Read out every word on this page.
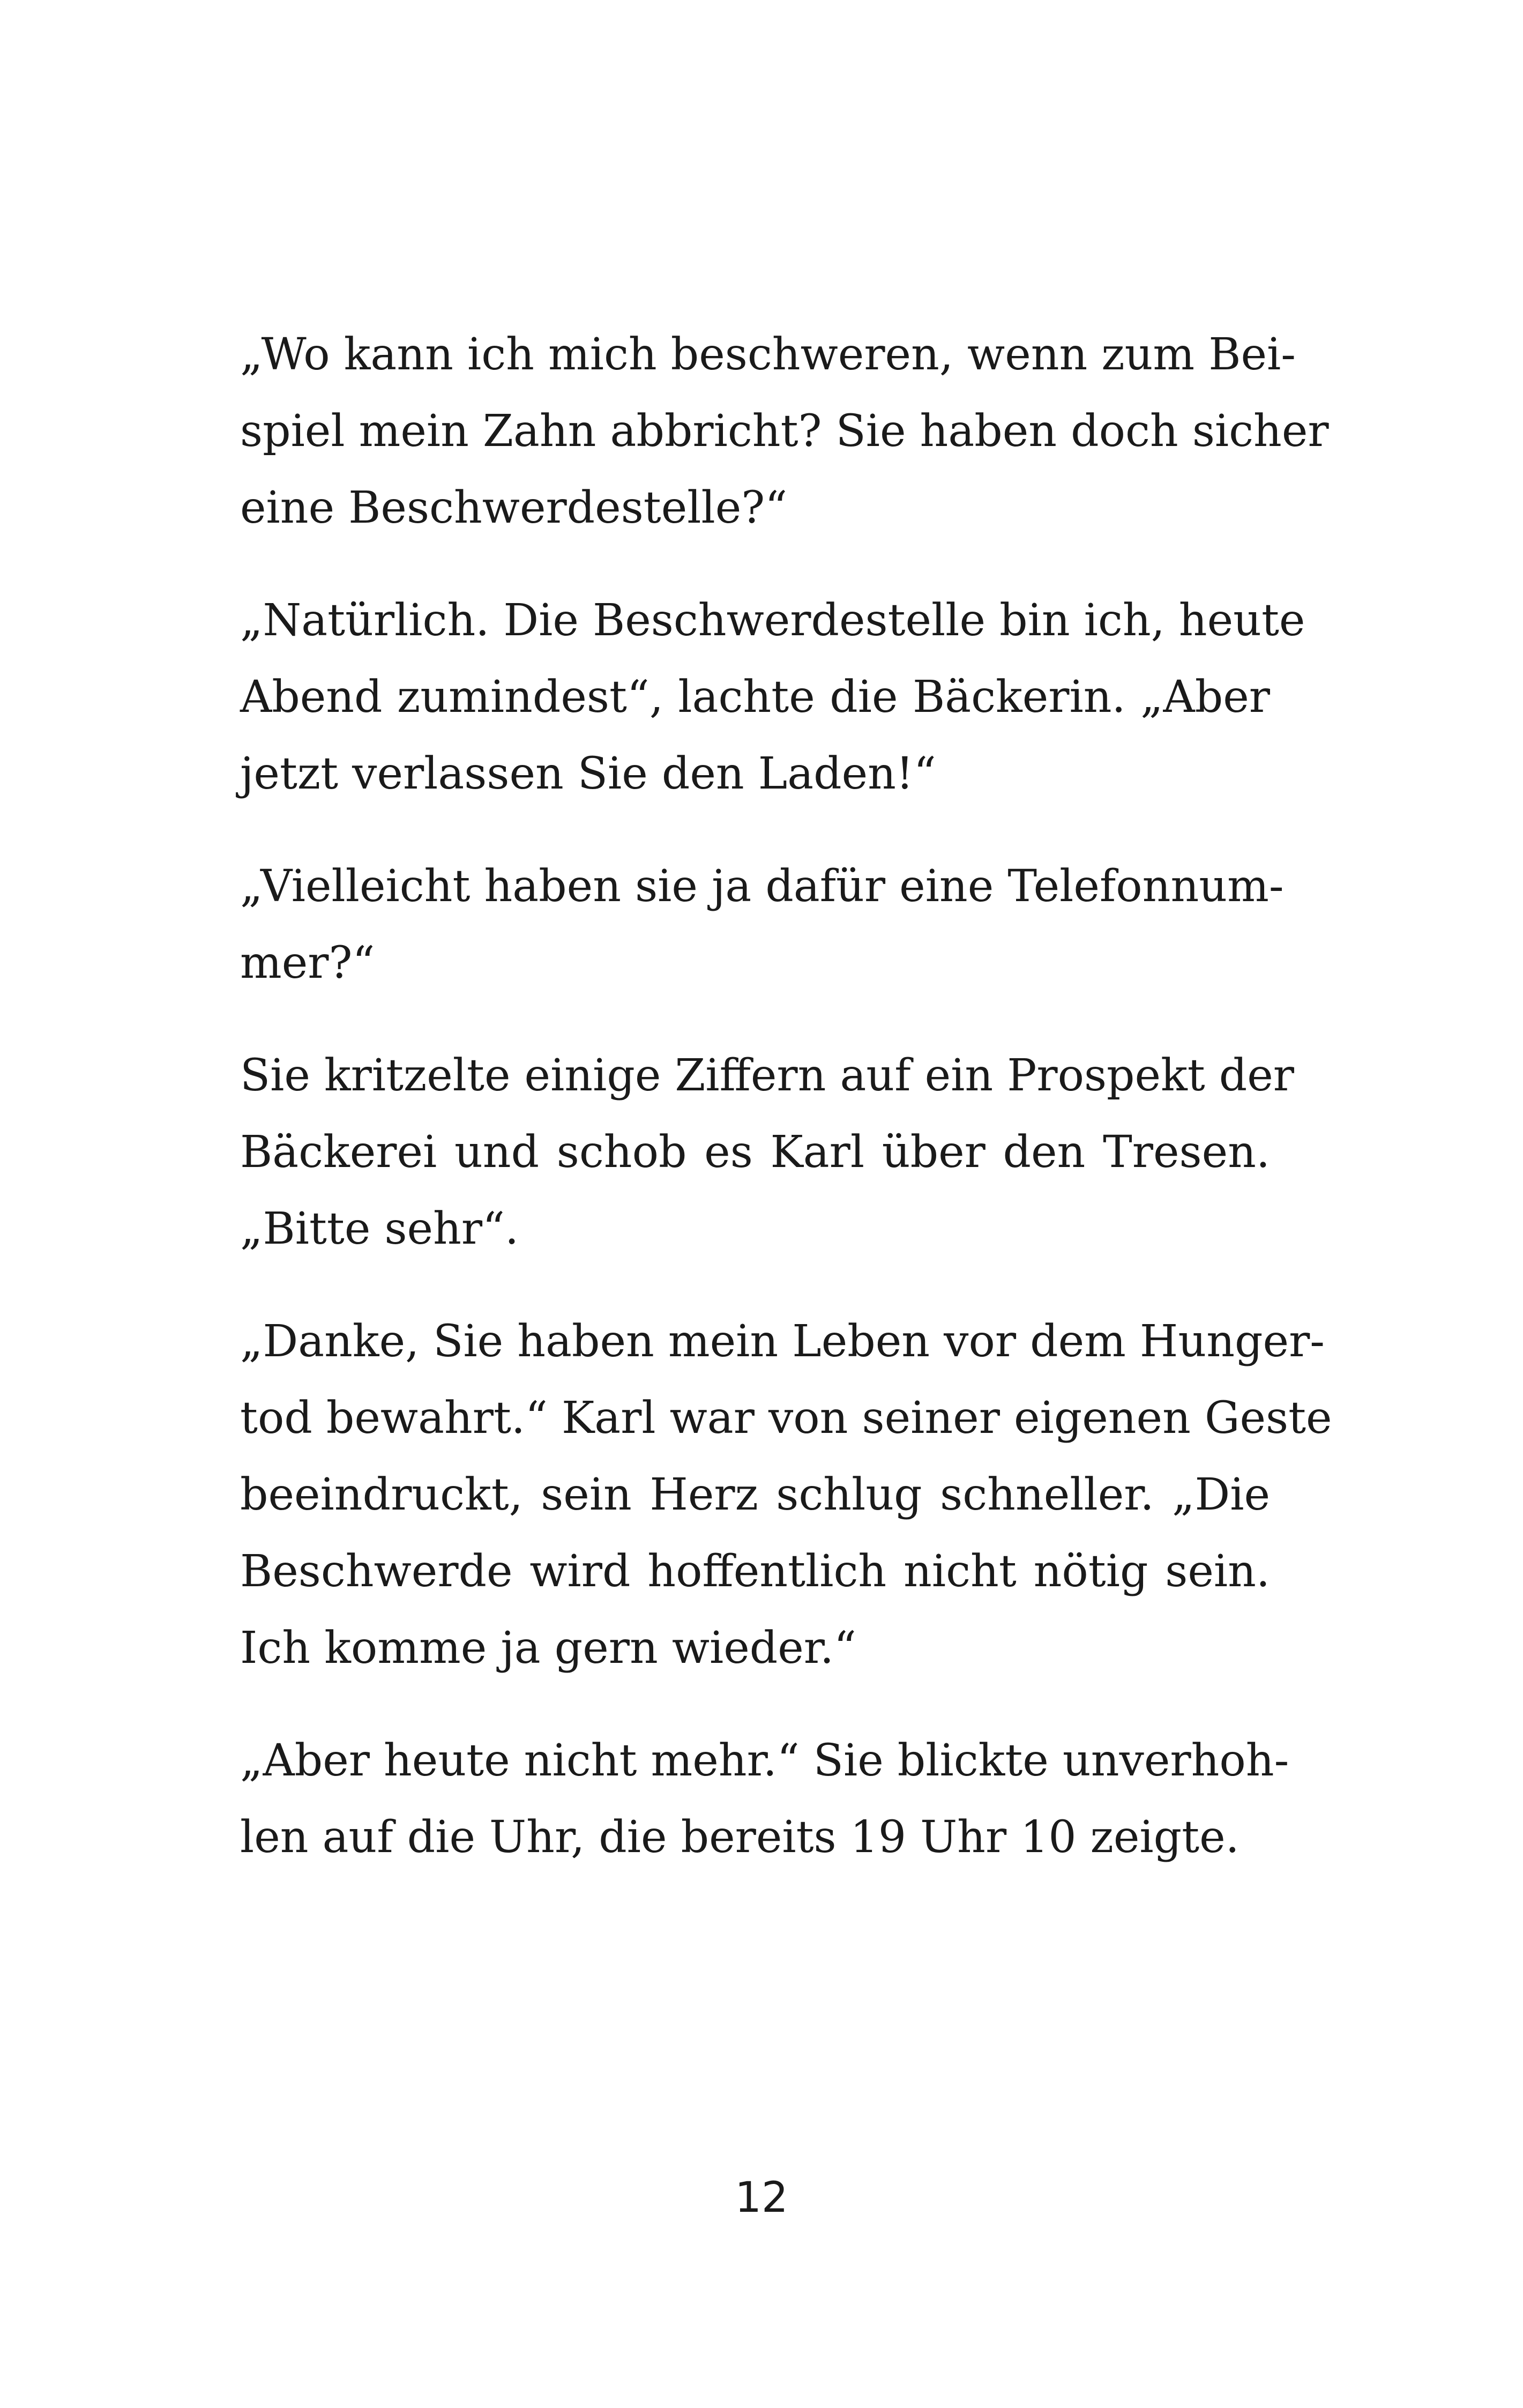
„Wo kann ich mich beschweren, wenn zum Bei-
spiel mein Zahn abbricht? Sie haben doch sicher
eine Beschwerdestelle?“

„Natürlich. Die Beschwerdestelle bin ich, heute
Abend zumindest“, lachte die Bäckerin. „Aber
jetzt verlassen Sie den Laden!“

„Vielleicht haben sie ja dafür eine Telefonnum-
mer?“

Sie kritzelte einige Ziffern auf ein Prospekt der
Bäckerei und schob es Karl über den Tresen.
„Bitte sehr“.

„Danke, Sie haben mein Leben vor dem Hunger-
tod bewahrt.“ Karl war von seiner eigenen Geste
beeindruckt, sein Herz schlug schneller. „Die
Beschwerde wird hoffentlich nicht nötig sein.
Ich komme ja gern wieder.“

„Aber heute nicht mehr.“ Sie blickte unverhoh-
len auf die Uhr, die bereits 19 Uhr 10 zeigte.

12
